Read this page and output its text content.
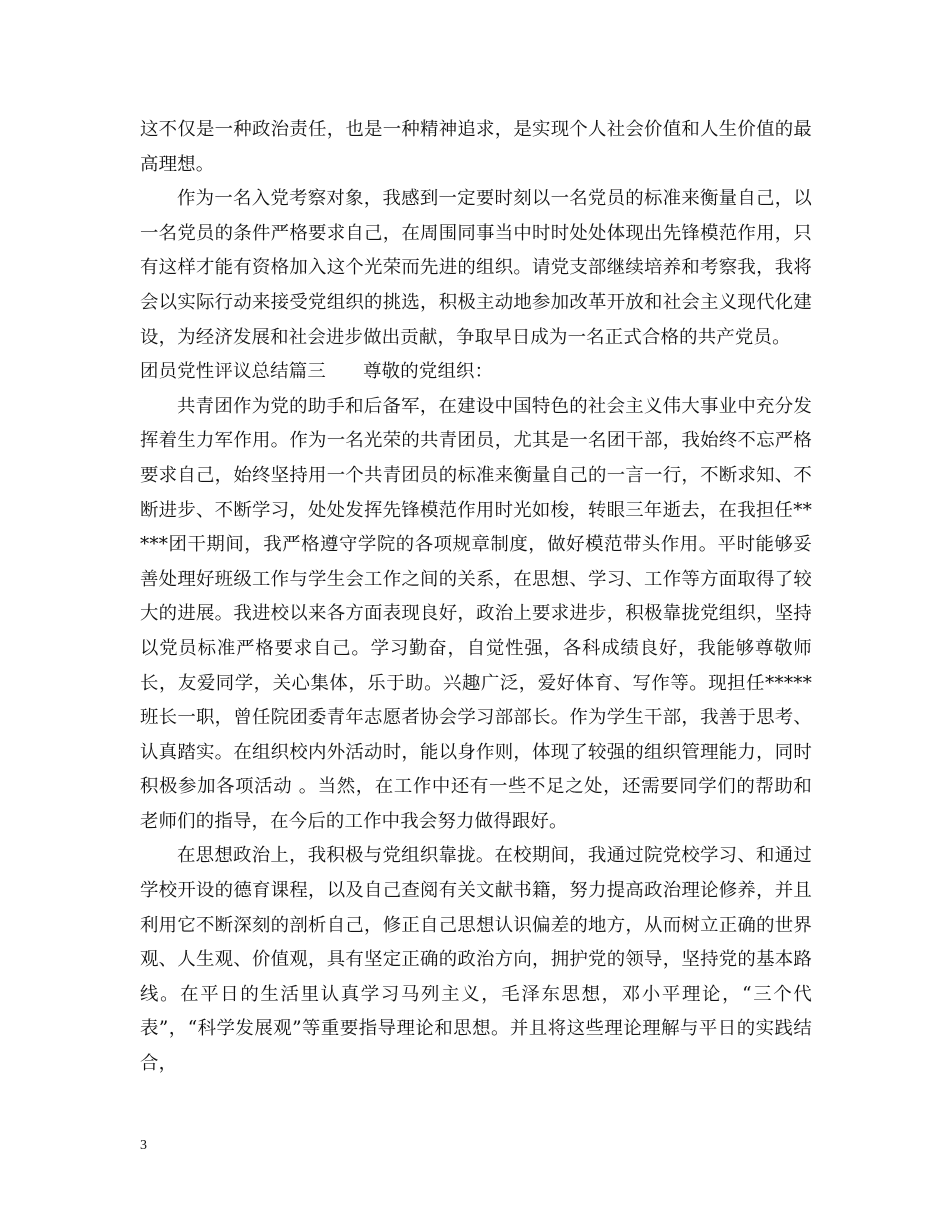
这不仅是一种政治责任，也是一种精神追求，是实现个人社会价值和人生价值的最高理想。

作为一名入党考察对象，我感到一定要时刻以一名党员的标准来衡量自己，以一名党员的条件严格要求自己，在周围同事当中时时处处体现出先锋模范作用，只有这样才能有资格加入这个光荣而先进的组织。请党支部继续培养和考察我，我将会以实际行动来接受党组织的挑选，积极主动地参加改革开放和社会主义现代化建设，为经济发展和社会进步做出贡献，争取早日成为一名正式合格的共产党员。

团员党性评议总结篇三　　尊敬的党组织：

共青团作为党的助手和后备军，在建设中国特色的社会主义伟大事业中充分发挥着生力军作用。作为一名光荣的共青团员，尤其是一名团干部，我始终不忘严格要求自己，始终坚持用一个共青团员的标准来衡量自己的一言一行，不断求知、不断进步、不断学习，处处发挥先锋模范作用时光如梭，转眼三年逝去，在我担任*****团干期间，我严格遵守学院的各项规章制度，做好模范带头作用。平时能够妥善处理好班级工作与学生会工作之间的关系，在思想、学习、工作等方面取得了较大的进展。我进校以来各方面表现良好，政治上要求进步，积极靠拢党组织，坚持以党员标准严格要求自己。学习勤奋，自觉性强，各科成绩良好，我能够尊敬师长，友爱同学，关心集体，乐于助。兴趣广泛，爱好体育、写作等。现担任*****班长一职，曾任院团委青年志愿者协会学习部部长。作为学生干部，我善于思考、认真踏实。在组织校内外活动时，能以身作则，体现了较强的组织管理能力，同时积极参加各项活动 。当然，在工作中还有一些不足之处，还需要同学们的帮助和老师们的指导，在今后的工作中我会努力做得跟好。

在思想政治上，我积极与党组织靠拢。在校期间，我通过院党校学习、和通过学校开设的德育课程，以及自己查阅有关文献书籍，努力提高政治理论修养，并且利用它不断深刻的剖析自己，修正自己思想认识偏差的地方，从而树立正确的世界观、人生观、价值观，具有坚定正确的政治方向，拥护党的领导，坚持党的基本路线。在平日的生活里认真学习马列主义，毛泽东思想，邓小平理论，“三个代表”，“科学发展观”等重要指导理论和思想。并且将这些理论理解与平日的实践结合，

3
